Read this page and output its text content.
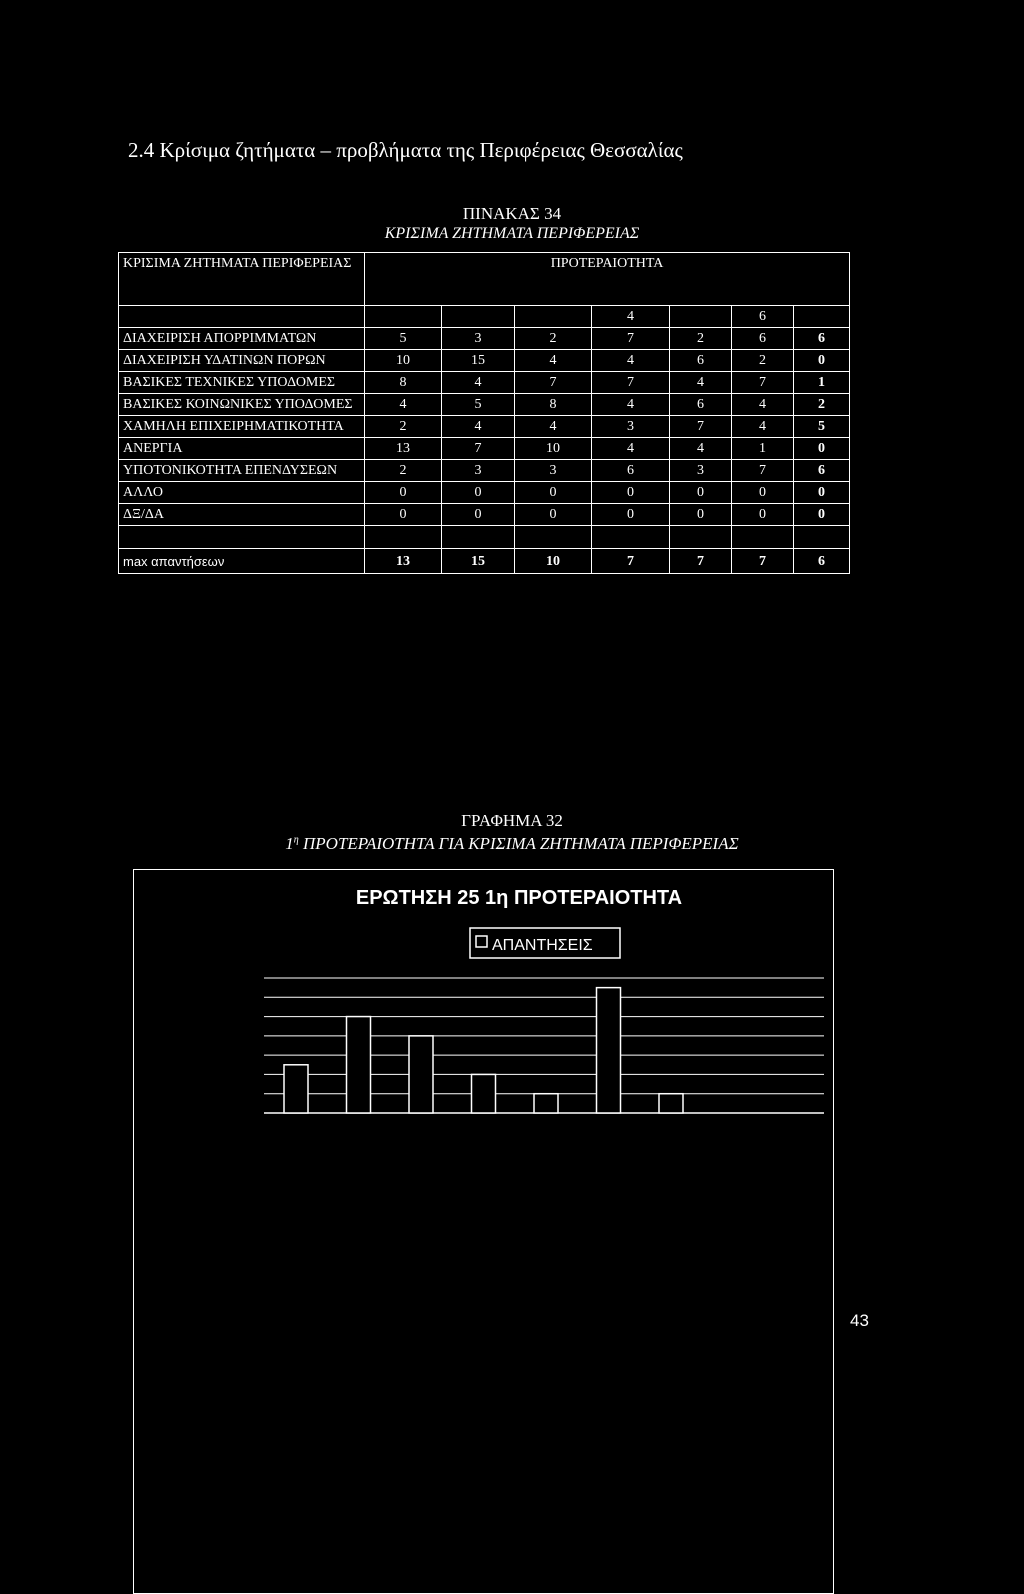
2.4 Κρίσιμα ζητήματα – προβλήματα της Περιφέρειας Θεσσαλίας
ΠΙΝΑΚΑΣ 34
ΚΡΙΣΙΜΑ ΖΗΤΗΜΑΤΑ ΠΕΡΙΦΕΡΕΙΑΣ
ΚΡΙΣΙΜΑ ΖΗΤΗΜΑΤΑ ΠΕΡΙΦΕΡΕΙΑΣ	ΠΡΟΤΕΡΑΙΟΤΗΤΑ						
				4		6	
ΔΙΑΧΕΙΡΙΣΗ ΑΠΟΡΡΙΜΜΑΤΩΝ	5	3	2	7	2	6	6
ΔΙΑΧΕΙΡΙΣΗ ΥΔΑΤΙΝΩΝ ΠΟΡΩΝ	10	15	4	4	6	2	0
ΒΑΣΙΚΕΣ ΤΕΧΝΙΚΕΣ ΥΠΟΔΟΜΕΣ	8	4	7	7	4	7	1
ΒΑΣΙΚΕΣ ΚΟΙΝΩΝΙΚΕΣ ΥΠΟΔΟΜΕΣ	4	5	8	4	6	4	2
ΧΑΜΗΛΗ ΕΠΙΧΕΙΡΗΜΑΤΙΚΟΤΗΤΑ	2	4	4	3	7	4	5
ΑΝΕΡΓΙΑ	13	7	10	4	4	1	0
ΥΠΟΤΟΝΙΚΟΤΗΤΑ ΕΠΕΝΔΥΣΕΩΝ	2	3	3	6	3	7	6
ΑΛΛΟ	0	0	0	0	0	0	0
ΔΞ/ΔΑ	0	0	0	0	0	0	0

max απαντήσεων	13	15	10	7	7	7	6
ΓΡΑΦΗΜΑ 32
$1^\eta$ ΠΡΟΤΕΡΑΙΟΤΗΤΑ ΓΙΑ ΚΡΙΣΙΜΑ ΖΗΤΗΜΑΤΑ ΠΕΡΙΦΕΡΕΙΑΣ
ΕΡΩΤΗΣΗ 25 1η ΠΡΟΤΕΡΑΙΟΤΗΤΑ
ΑΠΑΝΤΗΣΕΙΣ
43
